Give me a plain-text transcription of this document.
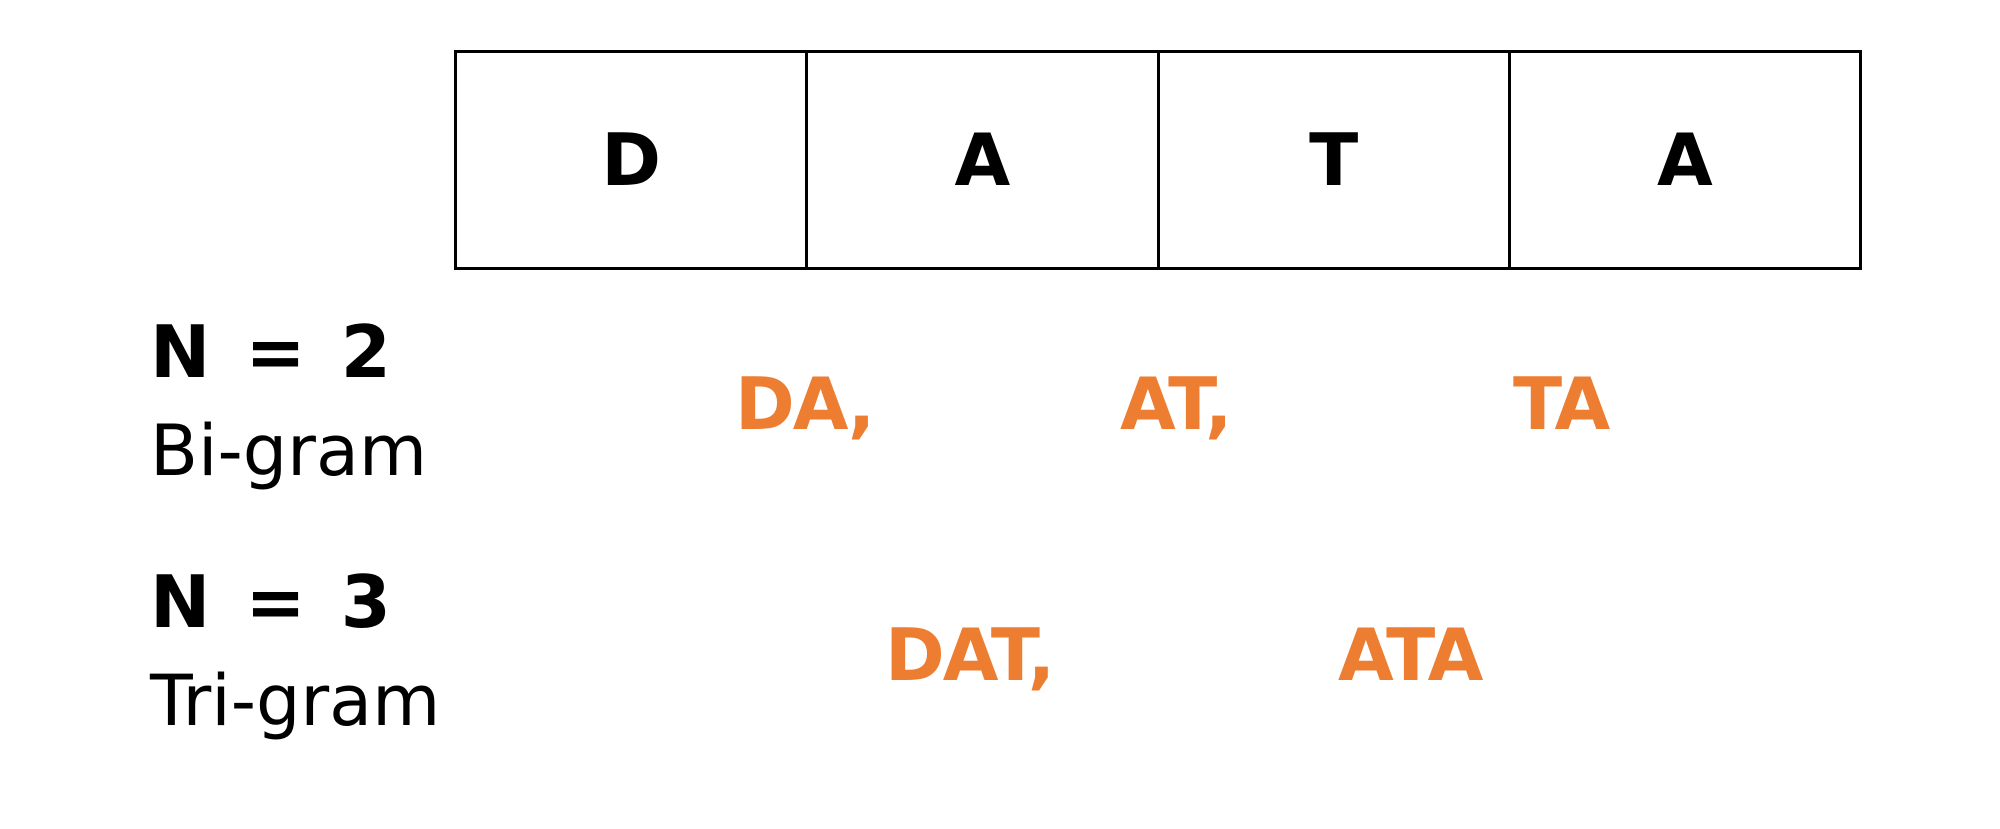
D	A	T	A
N = 2
Bi-gram
DA,	AT,	TA
N = 3
Tri-gram
DAT,	ATA
